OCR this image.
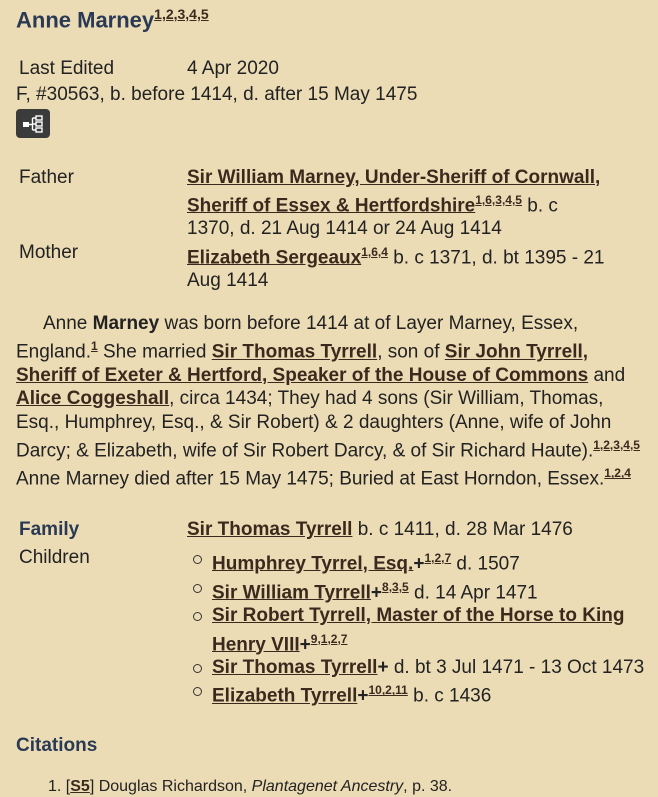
Anne Marney$^{1,2,3,4,5}$
Last Edited	4 Apr 2020
F, #30563, b. before 1414, d. after 15 May 1475
Father	Sir William Marney, Under-Sheriff of Cornwall,
Sheriff of Essex & Hertfordshire$^{1,6,3,4,5}$ b. c
1370, d. 21 Aug 1414 or 24 Aug 1414
Mother	Elizabeth Sergeaux$^{1,6,4}$ b. c 1371, d. bt 1395 - 21
Aug 1414
Anne Marney was born before 1414 at of Layer Marney, Essex, England.$^1$ She married Sir Thomas Tyrrell, son of Sir John Tyrrell, Sheriff of Exeter & Hertford, Speaker of the House of Commons and Alice Coggeshall, circa 1434; They had 4 sons (Sir William, Thomas, Esq., Humphrey, Esq., & Sir Robert) & 2 daughters (Anne, wife of John Darcy; & Elizabeth, wife of Sir Robert Darcy, & of Sir Richard Haute).$^{1,2,3,4,5}$ Anne Marney died after 15 May 1475; Buried at East Horndon, Essex.$^{1,2,4}$
Family	Sir Thomas Tyrrell b. c 1411, d. 28 Mar 1476
Children	Humphrey Tyrrel, Esq.+$^{1,2,7}$ d. 1507
Sir William Tyrrell+$^{8,3,5}$ d. 14 Apr 1471
Sir Robert Tyrrell, Master of the Horse to King Henry VIII+$^{9,1,2,7}$
Sir Thomas Tyrrell+ d. bt 3 Jul 1471 - 13 Oct 1473
Elizabeth Tyrrell+$^{10,2,11}$ b. c 1436
Citations
1. [S5] Douglas Richardson, Plantagenet Ancestry, p. 38.
